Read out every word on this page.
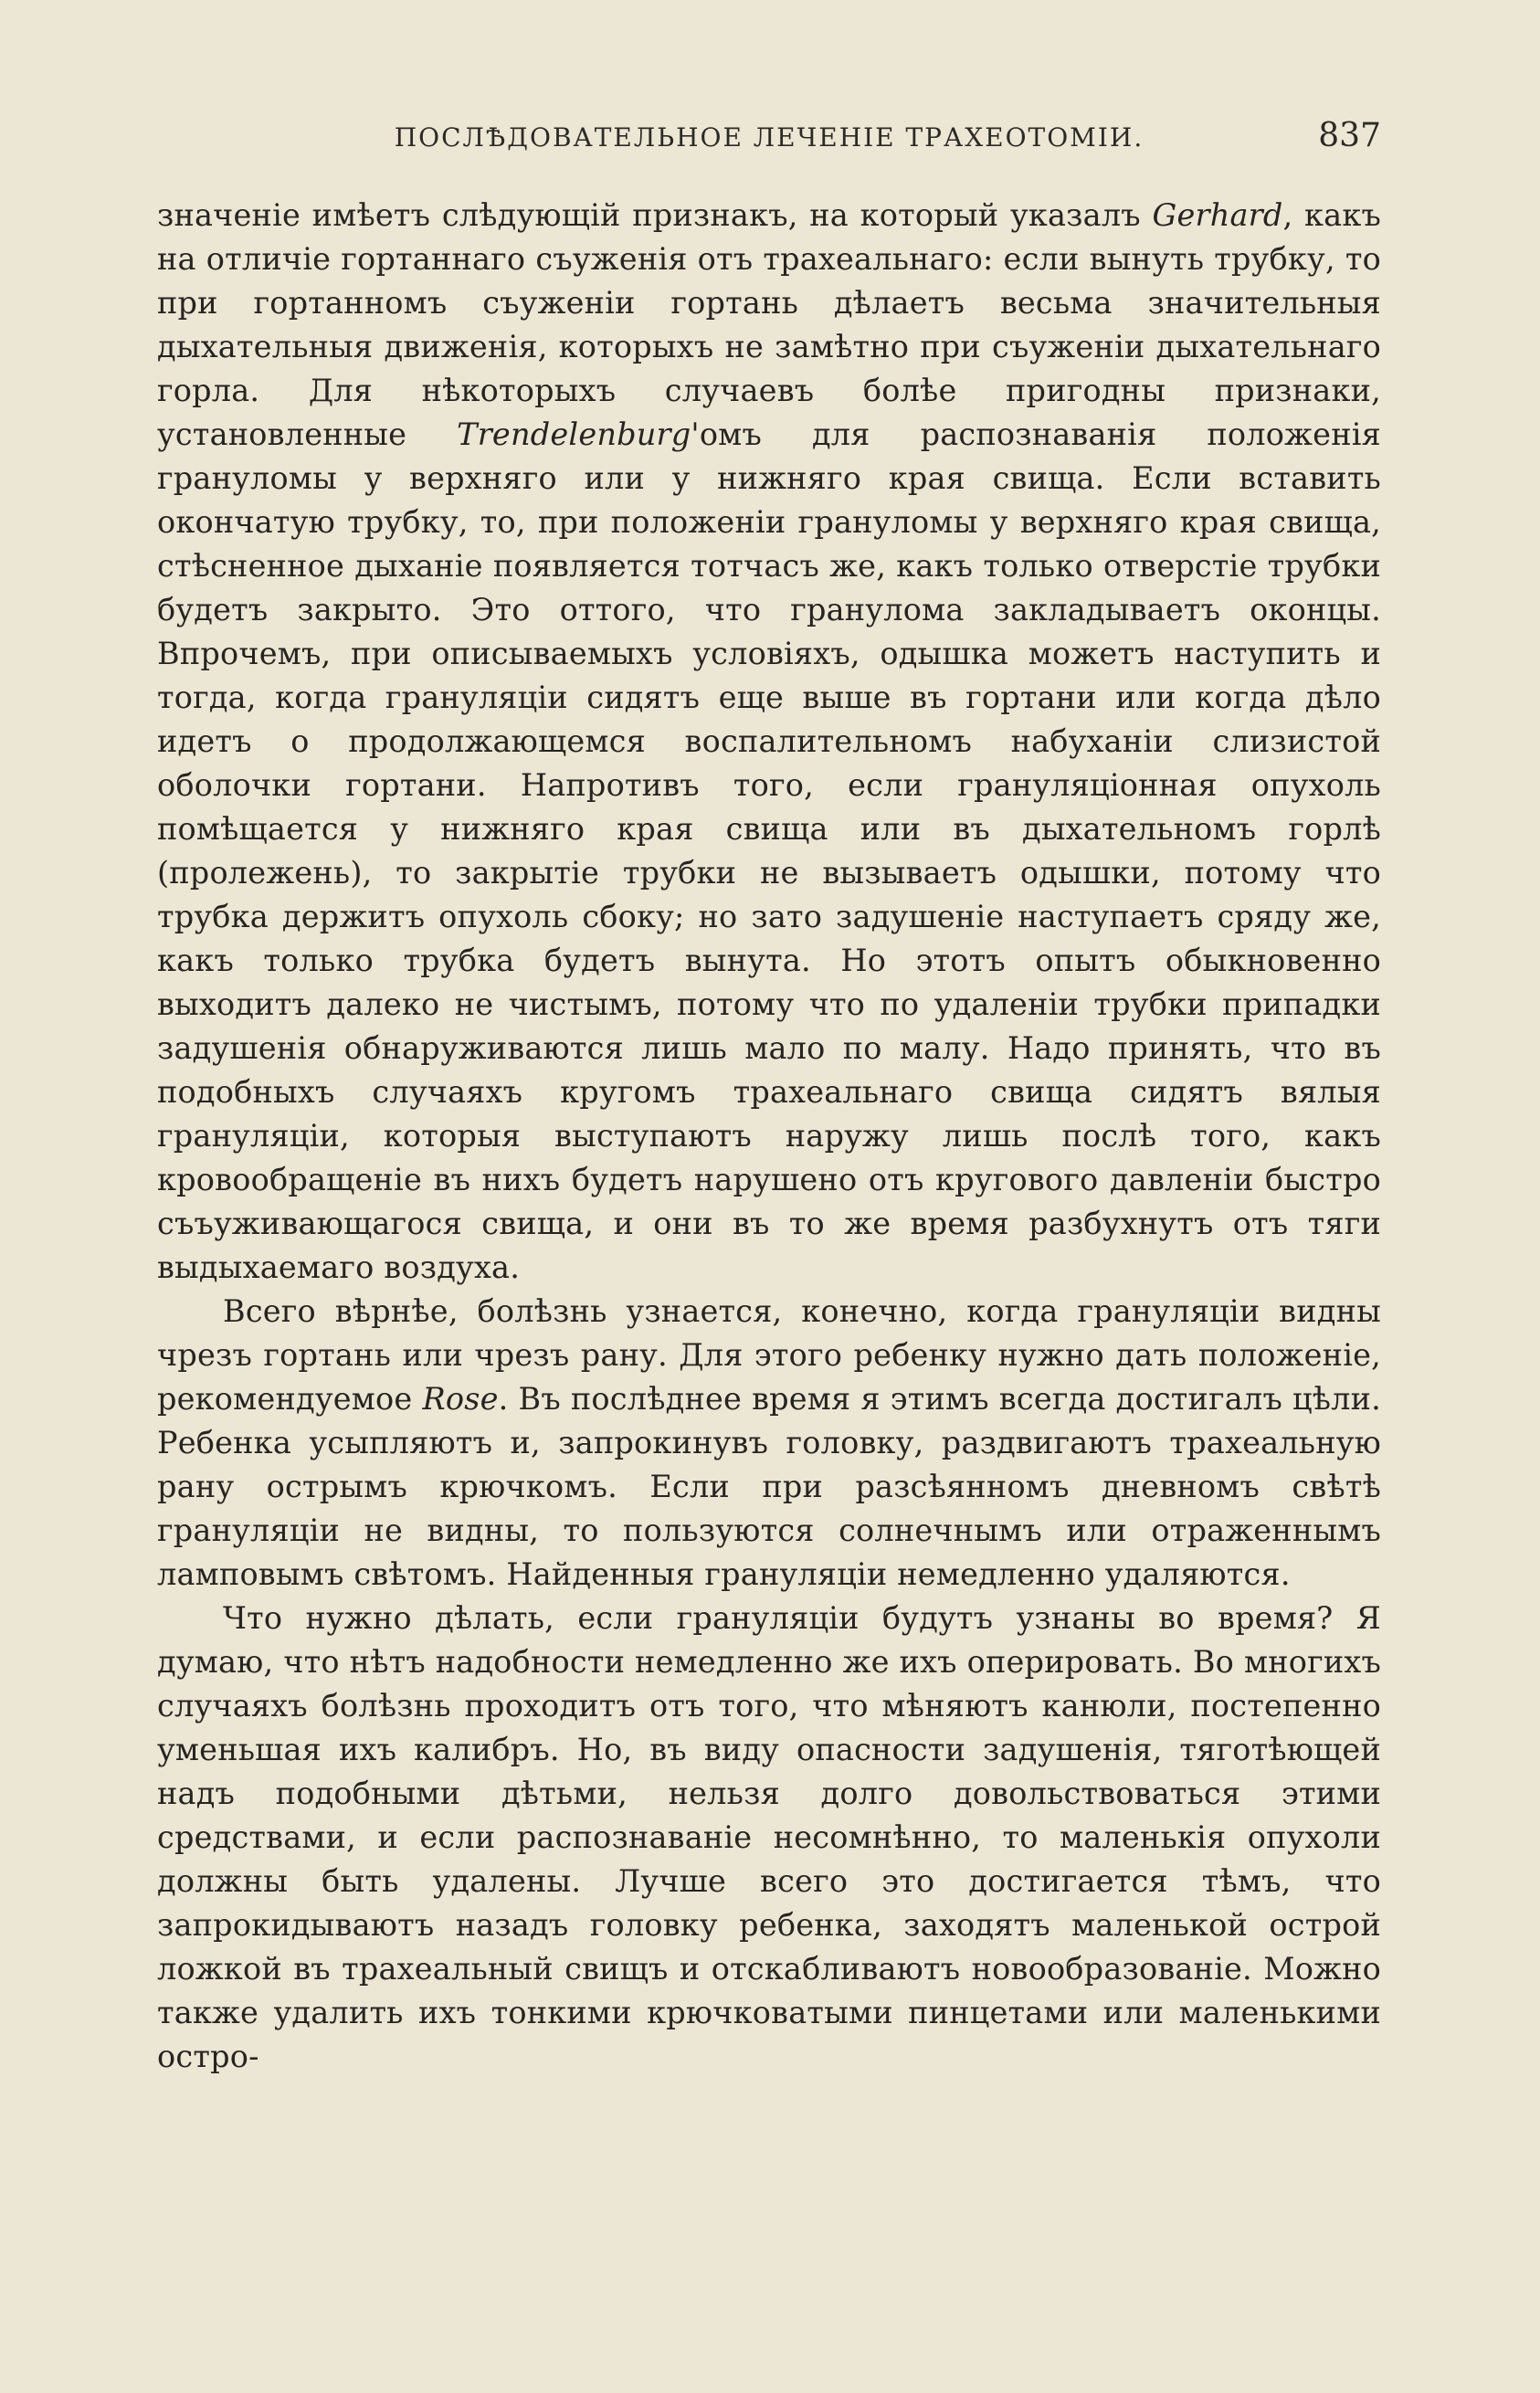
ПОСЛѢДОВАТЕЛЬНОЕ ЛЕЧЕНІЕ ТРАХЕОТОМІИ.	837

значеніе имѣетъ слѣдующій признакъ, на который указалъ Gerhard, какъ на отличіе гортаннаго съуженія отъ трахеальнаго: если вынуть трубку, то при гортанномъ съуженіи гортань дѣлаетъ весьма значительныя дыхательныя движенія, которыхъ не замѣтно при съуженіи дыхательнаго горла. Для нѣкоторыхъ случаевъ болѣе пригодны признаки, установленные Trendelenburg'омъ для распознаванія положенія грануломы у верхняго или у нижняго края свища. Если вставить окончатую трубку, то, при положеніи грануломы у верхняго края свища, стѣсненное дыханіе появляется тотчасъ же, какъ только отверстіе трубки будетъ закрыто. Это оттого, что гранулома закладываетъ оконцы. Впрочемъ, при описываемыхъ условіяхъ, одышка можетъ наступить и тогда, когда грануляціи сидятъ еще выше въ гортани или когда дѣло идетъ о продолжающемся воспалительномъ набуханіи слизистой оболочки гортани. Напротивъ того, если грануляціонная опухоль помѣщается у нижняго края свища или въ дыхательномъ горлѣ (пролежень), то закрытіе трубки не вызываетъ одышки, потому что трубка держитъ опухоль сбоку; но зато задушеніе наступаетъ сряду же, какъ только трубка будетъ вынута. Но этотъ опытъ обыкновенно выходитъ далеко не чистымъ, потому что по удаленіи трубки припадки задушенія обнаруживаются лишь мало по малу. Надо принять, что въ подобныхъ случаяхъ кругомъ трахеальнаго свища сидятъ вялыя грануляціи, которыя выступаютъ наружу лишь послѣ того, какъ кровообращеніе въ нихъ будетъ нарушено отъ кругового давленіи быстро съъуживающагося свища, и они въ то же время разбухнутъ отъ тяги выдыхаемаго воздуха.

Всего вѣрнѣе, болѣзнь узнается, конечно, когда грануляціи видны чрезъ гортань или чрезъ рану. Для этого ребенку нужно дать положеніе, рекомендуемое Rose. Въ послѣднее время я этимъ всегда достигалъ цѣли. Ребенка усыпляютъ и, запрокинувъ головку, раздвигаютъ трахеальную рану острымъ крючкомъ. Если при разсѣянномъ дневномъ свѣтѣ грануляціи не видны, то пользуются солнечнымъ или отраженнымъ ламповымъ свѣтомъ. Найденныя грануляціи немедленно удаляются.

Что нужно дѣлать, если грануляціи будутъ узнаны во время? Я думаю, что нѣтъ надобности немедленно же ихъ оперировать. Во многихъ случаяхъ болѣзнь проходитъ отъ того, что мѣняютъ канюли, постепенно уменьшая ихъ калибръ. Но, въ виду опасности задушенія, тяготѣющей надъ подобными дѣтьми, нельзя долго довольствоваться этими средствами, и если распознаваніе несомнѣнно, то маленькія опухоли должны быть удалены. Лучше всего это достигается тѣмъ, что запрокидываютъ назадъ головку ребенка, заходятъ маленькой острой ложкой въ трахеальный свищъ и отскабливаютъ новообразованіе. Можно также удалить ихъ тонкими крючковатыми пинцетами или маленькими остро-
